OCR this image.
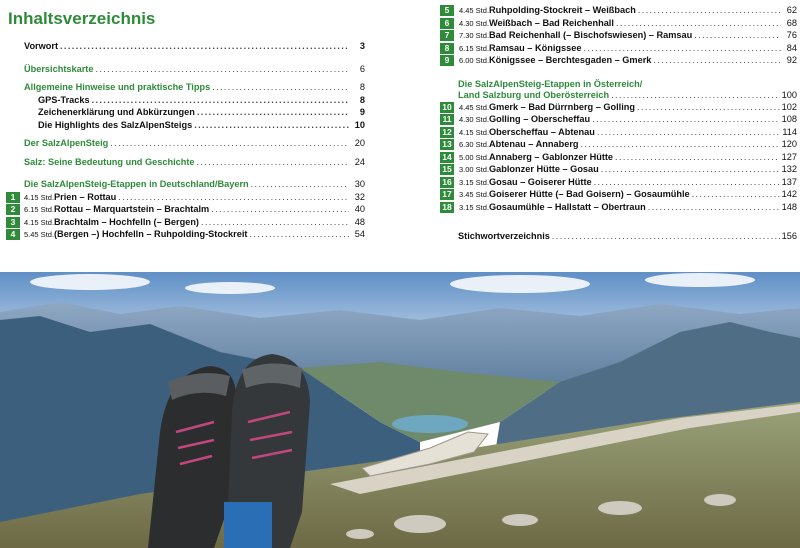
Inhaltsverzeichnis
Vorwort . . .	3
Übersichtskarte . . .	6
Allgemeine Hinweise und praktische Tipps . . .	8
GPS-Tracks . . .	8
Zeichenerklärung und Abkürzungen . . .	9
Die Highlights des SalzAlpenSteigs . . .	10
Der SalzAlpenSteig . . .	20
Salz: Seine Bedeutung und Geschichte . . .	24
Die SalzAlpenSteig-Etappen in Deutschland/Bayern . . .	30
1	4.15 Std. Prien – Rottau . . .	32
2	6.15 Std. Rottau – Marquartstein – Brachtalm . . .	40
3	4.15 Std. Brachtalm – Hochfelln (– Bergen) . . .	48
4	5.45 Std. (Bergen –) Hochfelln – Ruhpolding-Stockreit . . .	54
5	4.45 Std. Ruhpolding-Stockreit – Weißbach . . .	62
6	4.30 Std. Weißbach – Bad Reichenhall . . .	68
7	7.30 Std. Bad Reichenhall (– Bischofswiesen) – Ramsau . . .	76
8	6.15 Std. Ramsau – Königssee . . .	84
9	6.00 Std. Königssee – Berchtesgaden – Gmerk . . .	92
Die SalzAlpenSteig-Etappen in Österreich/
Land Salzburg und Oberösterreich . . .	100
10 4.45 Std. Gmerk – Bad Dürrnberg – Golling . . .	102
11	4.30 Std. Golling – Oberscheffau . . .	108
12 4.15 Std. Oberscheffau – Abtenau . . .	114
13 6.30 Std. Abtenau – Annaberg . . .	120
14 5.00 Std. Annaberg – Gablonzer Hütte . . .	127
15 3.00 Std. Gablonzer Hütte – Gosau . . .	132
16 3.15 Std. Gosau – Goiserer Hütte . . .	137
17 3.45 Std. Goiserer Hütte (– Bad Goisern) – Gosaumühle . . .	142
18 3.15 Std. Gosaumühle – Hallstatt – Obertraun . . .	148
Stichwortverzeichnis . . .	156
